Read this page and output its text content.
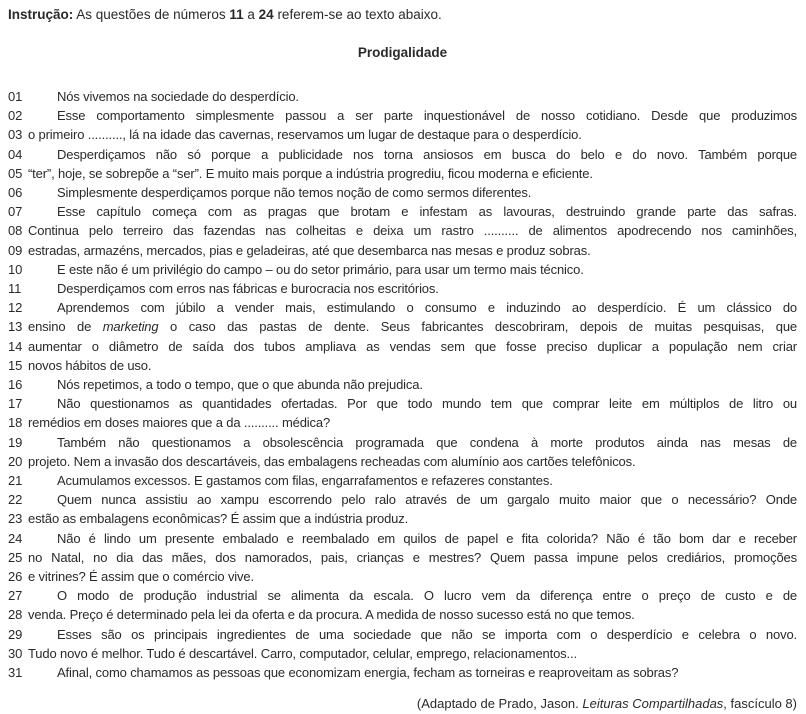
Instrução: As questões de números 11 a 24 referem-se ao texto abaixo.
Prodigalidade
01	Nós vivemos na sociedade do desperdício.
02	Esse comportamento simplesmente passou a ser parte inquestionável de nosso cotidiano. Desde que produzimos
03 o primeiro .........., lá na idade das cavernas, reservamos um lugar de destaque para o desperdício.
04	Desperdiçamos não só porque a publicidade nos torna ansiosos em busca do belo e do novo. Também porque
05 “ter”, hoje, se sobrepõe a “ser”. E muito mais porque a indústria progrediu, ficou moderna e eficiente.
06	Simplesmente desperdiçamos porque não temos noção de como sermos diferentes.
07	Esse capítulo começa com as pragas que brotam e infestam as lavouras, destruindo grande parte das safras.
08 Continua pelo terreiro das fazendas nas colheitas e deixa um rastro .......... de alimentos apodrecendo nos caminhões,
09 estradas, armazéns, mercados, pias e geladeiras, até que desembarca nas mesas e produz sobras.
10	E este não é um privilégio do campo – ou do setor primário, para usar um termo mais técnico.
11	Desperdiçamos com erros nas fábricas e burocracia nos escritórios.
12	Aprendemos com júbilo a vender mais, estimulando o consumo e induzindo ao desperdício. É um clássico do
13 ensino de marketing o caso das pastas de dente. Seus fabricantes descobriram, depois de muitas pesquisas, que
14 aumentar o diâmetro de saída dos tubos ampliava as vendas sem que fosse preciso duplicar a população nem criar
15 novos hábitos de uso.
16	Nós repetimos, a todo o tempo, que o que abunda não prejudica.
17	Não questionamos as quantidades ofertadas. Por que todo mundo tem que comprar leite em múltiplos de litro ou
18 remédios em doses maiores que a da .......... médica?
19	Também não questionamos a obsolescência programada que condena à morte produtos ainda nas mesas de
20 projeto. Nem a invasão dos descartáveis, das embalagens recheadas com alumínio aos cartões telefônicos.
21	Acumulamos excessos. E gastamos com filas, engarrafamentos e refazeres constantes.
22	Quem nunca assistiu ao xampu escorrendo pelo ralo através de um gargalo muito maior que o necessário? Onde
23 estão as embalagens econômicas? É assim que a indústria produz.
24	Não é lindo um presente embalado e reembalado em quilos de papel e fita colorida? Não é tão bom dar e receber
25 no Natal, no dia das mães, dos namorados, pais, crianças e mestres? Quem passa impune pelos crediários, promoções
26 e vitrines? É assim que o comércio vive.
27	O modo de produção industrial se alimenta da escala. O lucro vem da diferença entre o preço de custo e de
28 venda. Preço é determinado pela lei da oferta e da procura. A medida de nosso sucesso está no que temos.
29	Esses são os principais ingredientes de uma sociedade que não se importa com o desperdício e celebra o novo.
30 Tudo novo é melhor. Tudo é descartável. Carro, computador, celular, emprego, relacionamentos...
31	Afinal, como chamamos as pessoas que economizam energia, fecham as torneiras e reaproveitam as sobras?
(Adaptado de Prado, Jason. Leituras Compartilhadas, fascículo 8)
